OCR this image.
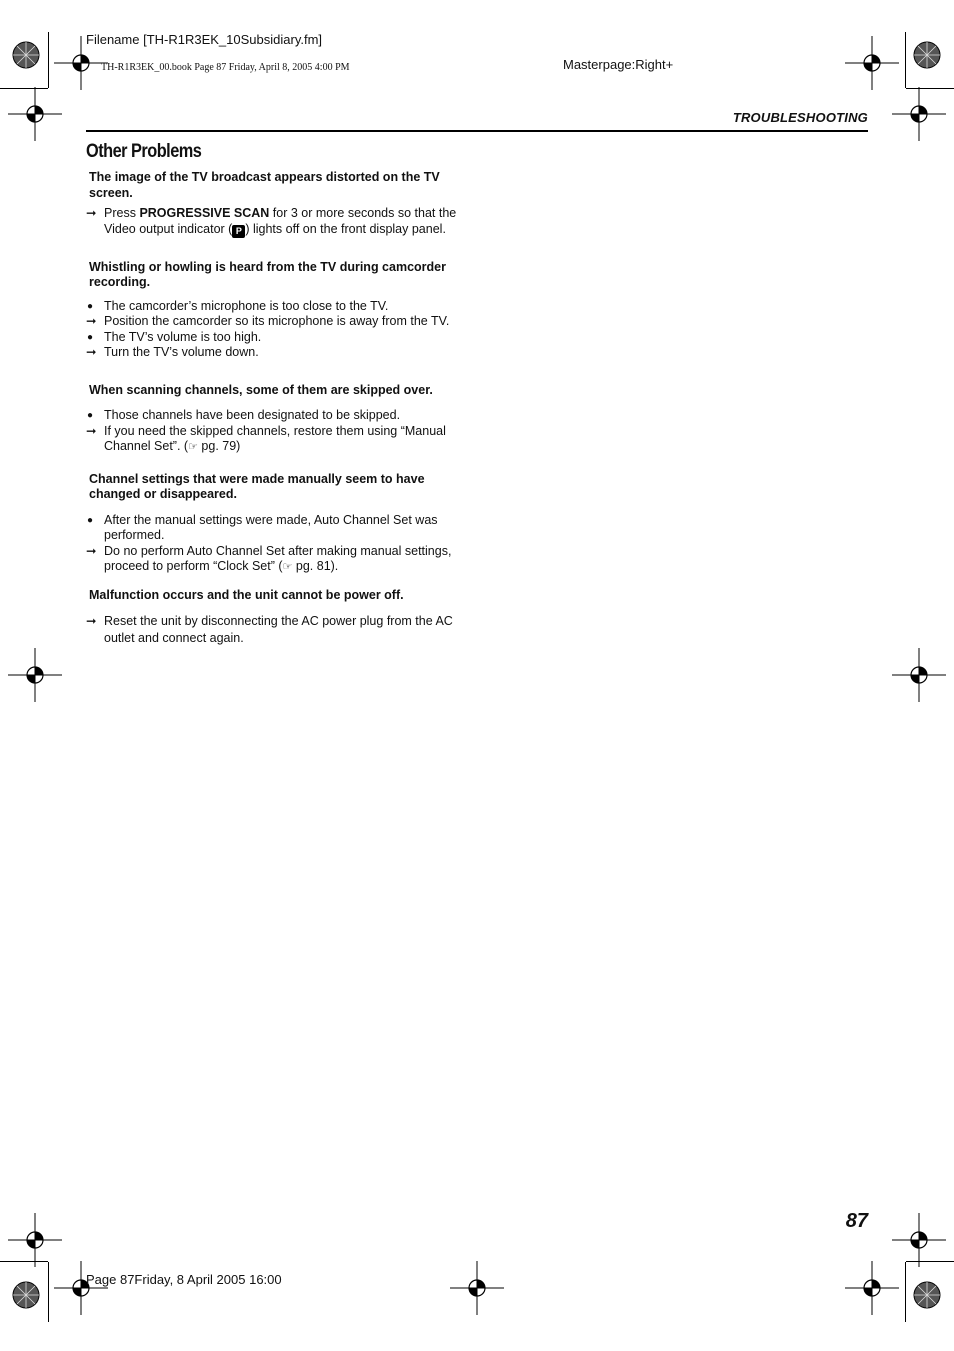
Filename [TH-R1R3EK_10Subsidiary.fm]
TH-R1R3EK_00.book Page 87 Friday, April 8, 2005 4:00 PM	Masterpage:Right+
TROUBLESHOOTING
Other Problems
The image of the TV broadcast appears distorted on the TV screen.
➞ Press PROGRESSIVE SCAN for 3 or more seconds so that the Video output indicator ( P ) lights off on the front display panel.
Whistling or howling is heard from the TV during camcorder recording.
● The camcorder’s microphone is too close to the TV.
➞ Position the camcorder so its microphone is away from the TV.
● The TV’s volume is too high.
➞ Turn the TV’s volume down.
When scanning channels, some of them are skipped over.
● Those channels have been designated to be skipped.
➞ If you need the skipped channels, restore them using “Manual Channel Set”. (☞ pg. 79)
Channel settings that were made manually seem to have changed or disappeared.
● After the manual settings were made, Auto Channel Set was performed.
➞ Do no perform Auto Channel Set after making manual settings, proceed to perform “Clock Set” (☞ pg. 81).
Malfunction occurs and the unit cannot be power off.
➞ Reset the unit by disconnecting the AC power plug from the AC outlet and connect again.
87
Page 87Friday, 8 April 2005 16:00
